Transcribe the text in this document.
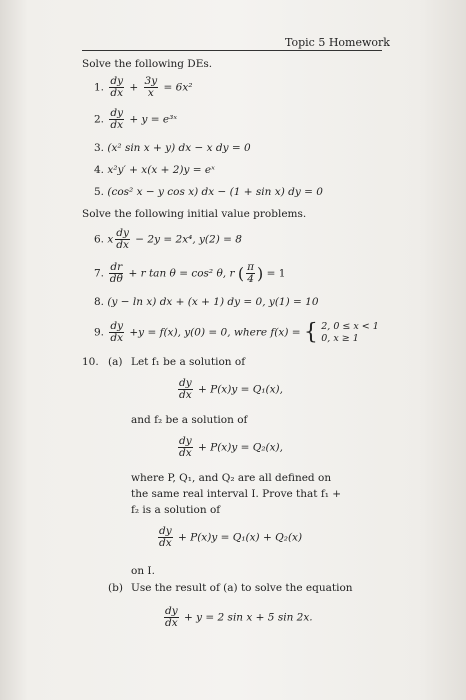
Topic 5 Homework
Solve the following DEs.
1. $\frac{dy}{dx} + \frac{3y}{x} = 6x^2$
2. $\frac{dy}{dx} + y$ = e³ˣ
3. (x² sin x + y) dx − x dy = 0
4. x²y′ + x(x + 2)y = eˣ
5. (cos² x − y cos x) dx − (1 + sin x) dy = 0
Solve the following initial value problems.
6. x $\frac{dy}{dx} - 2y = 2x^4$, y(2) = 8
7. $\frac{dr}{d\theta} + r$ tan θ = cos² θ, r ( $\frac{\pi}{4}$ ) = 1
8. (y − ln x) dx + (x + 1) dy = 0, y(1) = 10
9. $\frac{dy}{dx} +y = f(x)$, y(0) = 0, where f(x) = { 2, 0 ≤ x < 1
0, x ≥ 1
10. (a) Let f₁ be a solution of
$\frac{dy}{dx} + P(x)y = Q_1(x)$,
and f₂ be a solution of
$\frac{dy}{dx} + P(x)y = Q_2(x)$,
where P, Q₁, and Q₂ are all defined on
the same real interval I. Prove that f₁ +
f₂ is a solution of
$\frac{dy}{dx} + P(x)y = Q_1(x) + Q_2(x)$
on I.
(b) Use the result of (a) to solve the equation
$\frac{dy}{dx} + y = 2$ sin x + 5 sin 2x.
